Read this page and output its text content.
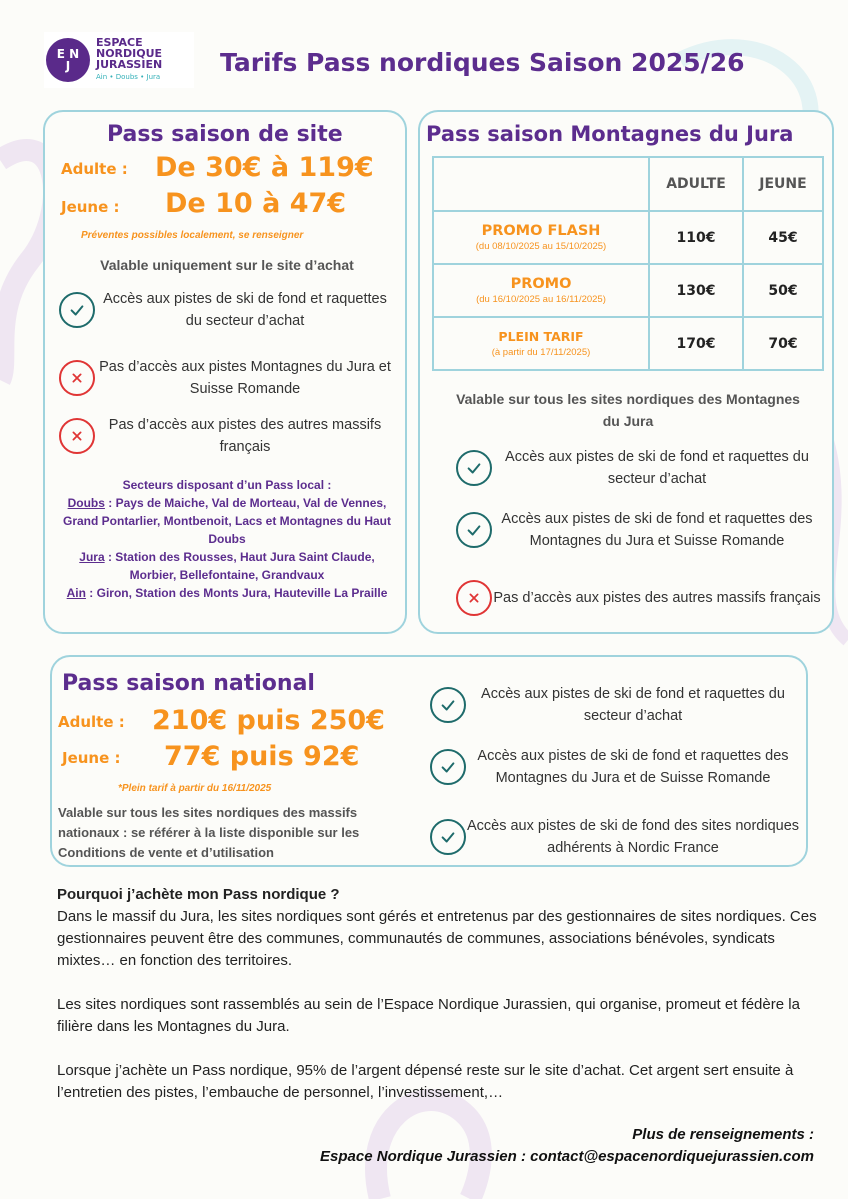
E N
J
ESPACE
NORDIQUE
JURASSIEN
Ain • Doubs • Jura Tarifs Pass nordiques Saison 2025/26
Pass saison de site
Adulte : De 30€ à 119€
Jeune : De 10 à 47€
Préventes possibles localement, se renseigner
Valable uniquement sur le site d’achat
Accès aux pistes de ski de fond et raquettes du secteur d’achat
Pas d’accès aux pistes Montagnes du Jura et Suisse Romande
Pas d’accès aux pistes des autres massifs français
Secteurs disposant d’un Pass local :
Doubs : Pays de Maiche, Val de Morteau, Val de Vennes, Grand Pontarlier, Montbenoit, Lacs et Montagnes du Haut Doubs
Jura : Station des Rousses, Haut Jura Saint Claude, Morbier, Bellefontaine, Grandvaux
Ain : Giron, Station des Monts Jura, Hauteville La Praille
Pass saison Montagnes du Jura
	ADULTE	JEUNE
PROMO FLASH
(du 08/10/2025 au 15/10/2025)	110€	45€
PROMO
(du 16/10/2025 au 16/11/2025)	130€	50€
PLEIN TARIF
(à partir du 17/11/2025)	170€	70€
Valable sur tous les sites nordiques des Montagnes du Jura
Accès aux pistes de ski de fond et raquettes du secteur d’achat
Accès aux pistes de ski de fond et raquettes des Montagnes du Jura et Suisse Romande
Pas d’accès aux pistes des autres massifs français
Pass saison national
Adulte : 210€ puis 250€
Jeune : 77€ puis 92€
*Plein tarif à partir du 16/11/2025
Valable sur tous les sites nordiques des massifs nationaux : se référer à la liste disponible sur les Conditions de vente et d’utilisation
Accès aux pistes de ski de fond et raquettes du secteur d’achat
Accès aux pistes de ski de fond et raquettes des Montagnes du Jura et de Suisse Romande
Accès aux pistes de ski de fond des sites nordiques adhérents à Nordic France
Pourquoi j’achète mon Pass nordique ?

Dans le massif du Jura, les sites nordiques sont gérés et entretenus par des gestionnaires de sites nordiques. Ces gestionnaires peuvent être des communes, communautés de communes, associations bénévoles, syndicats mixtes… en fonction des territoires.

Les sites nordiques sont rassemblés au sein de l’Espace Nordique Jurassien, qui organise, promeut et fédère la filière dans les Montagnes du Jura.

Lorsque j’achète un Pass nordique, 95% de l’argent dépensé reste sur le site d’achat. Cet argent sert ensuite à l’entretien des pistes, l’embauche de personnel, l’investissement,…

Plus de renseignements :
Espace Nordique Jurassien : contact@espacenordiquejurassien.com
